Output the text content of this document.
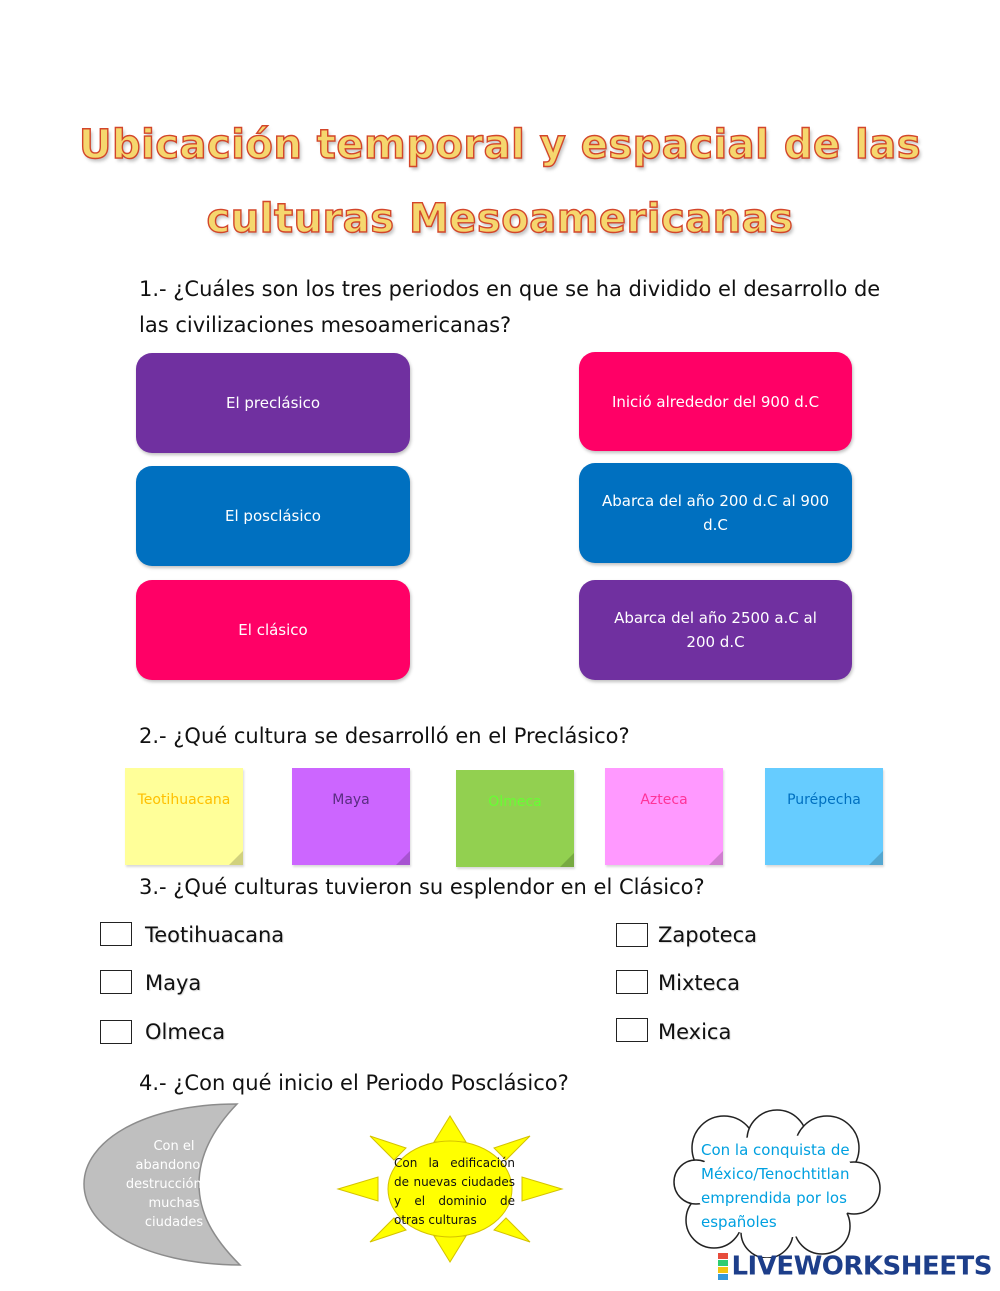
Ubicación temporal y espacial de las
culturas Mesoamericanas
1.- ¿Cuáles son los tres periodos en que se ha dividido el desarrollo de
las civilizaciones mesoamericanas?
El preclásico
El posclásico
El clásico
Inició alrededor del 900 d.C
Abarca del año 200 d.C al 900 d.C
Abarca del año 2500 a.C al 200 d.C
2.- ¿Qué cultura se desarrolló en el Preclásico?
Teotihuacana	Maya	Olmeca	Azteca	Purépecha
3.- ¿Qué culturas tuvieron su esplendor en el Clásico?
Teotihuacana
Maya
Olmeca
Zapoteca
Mixteca
Mexica
4.- ¿Con qué inicio el Periodo Posclásico?
Con el abandono o destrucción de muchas ciudades
Con la edificación de nuevas ciudades y el dominio de otras culturas
Con la conquista de México/Tenochtitlan emprendida por los españoles
LIVEWORKSHEETS
